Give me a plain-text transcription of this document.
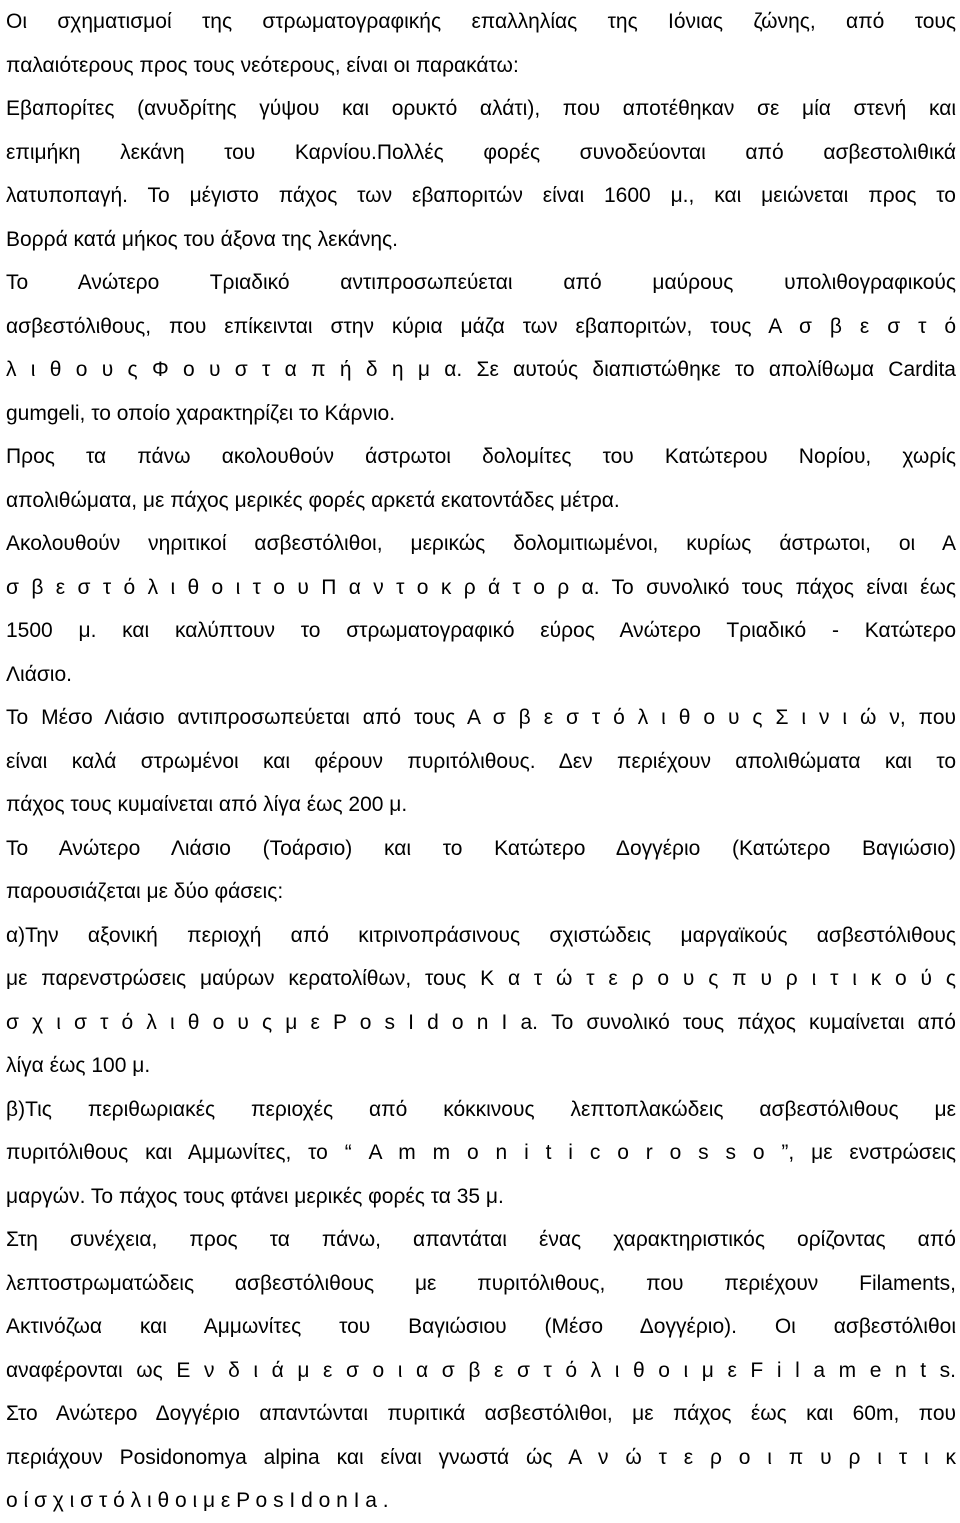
Οι σχηματισμοί της στρωματογραφικής επαλληλίας της Ιόνιας ζώνης, από τους
παλαιότερους προς τους νεότερους, είναι οι παρακάτω:
Εβαπορίτες (ανυδρίτης γύψου και ορυκτό αλάτι), που αποτέθηκαν σε μία στενή και
επιμήκη λεκάνη του Καρνίου.Πολλές φορές συνοδεύονται από ασβεστολιθικά
λατυποπαγή. Το μέγιστο πάχος των εβαποριτών είναι 1600 μ., και μειώνεται προς το
Βορρά κατά μήκος του άξονα της λεκάνης.
Το Ανώτερο Τριαδικό αντιπροσωπεύεται από μαύρους υπολιθογραφικούς
ασβεστόλιθους, που επίκεινται στην κύρια μάζα των εβαποριτών, τους Α σ β ε σ τ ό
λ ι θ ο υ ς Φ ο υ σ τ α π ή δ η μ α. Σε αυτούς διαπιστώθηκε το απολίθωμα Cardita
gumgeli, το οποίο χαρακτηρίζει το Κάρνιο.
Προς τα πάνω ακολουθούν άστρωτοι δολομίτες του Κατώτερου Νορίου, χωρίς
απολιθώματα, με πάχος μερικές φορές αρκετά εκατοντάδες μέτρα.
Ακολουθούν νηριτικοί ασβεστόλιθοι, μερικώς δολομιτιωμένοι, κυρίως άστρωτοι, οι Α
σ β ε σ τ ό λ ι θ ο ι τ ο υ Π α ν τ ο κ ρ ά τ ο ρ α. Το συνολικό τους πάχος είναι έως
1500 μ. και καλύπτουν το στρωματογραφικό εύρος Ανώτερο Τριαδικό - Κατώτερο
Λιάσιο.
Το Μέσο Λιάσιο αντιπροσωπεύεται από τους Α σ β ε σ τ ό λ ι θ ο υ ς Σ ι ν ι ώ ν, που
είναι καλά στρωμένοι και φέρουν πυριτόλιθους. Δεν περιέχουν απολιθώματα και το
πάχος τους κυμαίνεται από λίγα έως 200 μ.
Το Ανώτερο Λιάσιο (Τοάρσιο) και το Κατώτερο Δογγέριο (Κατώτερο Βαγιώσιο)
παρουσιάζεται με δύο φάσεις:
α)Την αξονική περιοχή από κιτρινοπράσινους σχιστώδεις μαργαϊκούς ασβεστόλιθους
με παρενστρώσεις μαύρων κερατολίθων, τους Κ α τ ώ τ ε ρ ο υ ς π υ ρ ι τ ι κ ο ύ ς
σ χ ι σ τ ό λ ι θ ο υ ς μ ε P o s I d o n I a. Το συνολικό τους πάχος κυμαίνεται από
λίγα έως 100 μ.
β)Τις περιθωριακές περιοχές από κόκκινους λεπτοπλακώδεις ασβεστόλιθους με
πυριτόλιθους και Αμμωνίτες, το “ A m m o n i t i c o r o s s o ”, με ενστρώσεις
μαργών. Το πάχος τους φτάνει μερικές φορές τα 35 μ.
Στη συνέχεια, προς τα πάνω, απαντάται ένας χαρακτηριστικός ορίζοντας από
λεπτοστρωματώδεις ασβεστόλιθους με πυριτόλιθους, που περιέχουν Filaments,
Ακτινόζωα και Αμμωνίτες του Βαγιώσιου (Μέσο Δογγέριο). Οι ασβεστόλιθοι
αναφέρονται ως Ε ν δ ι ά μ ε σ ο ι α σ β ε σ τ ό λ ι θ ο ι μ ε F i l a m e n t s.
Στο Ανώτερο Δογγέριο απαντώνται πυριτικά ασβεστόλιθοι, με πάχος έως και 60m, που
περιάχουν Posidonomya alpina και είναι γνωστά ώς Α ν ώ τ ε ρ ο ι π υ ρ ι τ ι κ
ο ί σ χ ι σ τ ό λ ι θ ο ι μ ε P o s I d o n I a .
